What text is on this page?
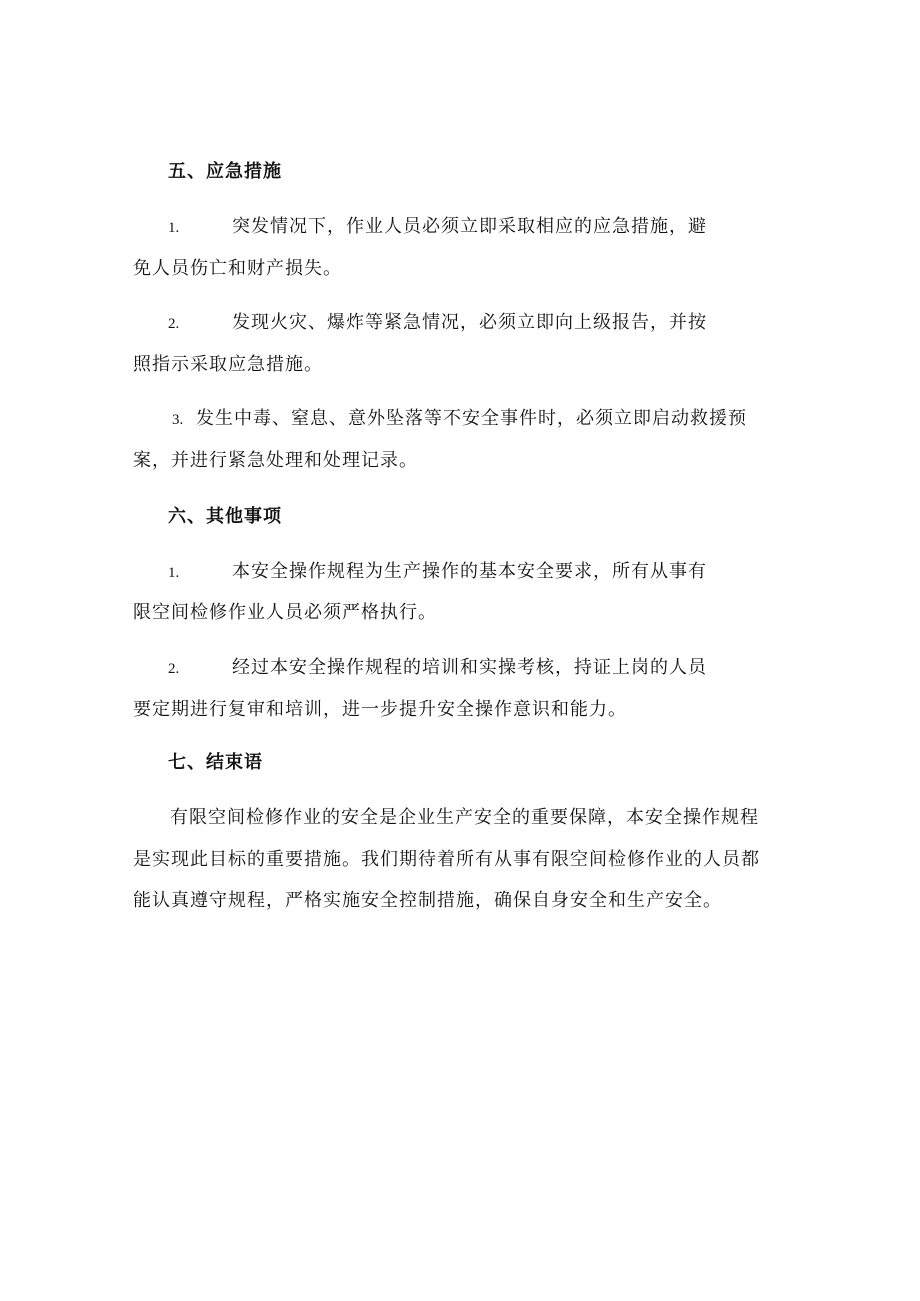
五、应急措施
1.	突发情况下，作业人员必须立即采取相应的应急措施，避
免人员伤亡和财产损失。
2.	发现火灾、爆炸等紧急情况，必须立即向上级报告，并按
照指示采取应急措施。
3. 发生中毒、窒息、意外坠落等不安全事件时，必须立即启动救援预
案，并进行紧急处理和处理记录。
六、其他事项
1.	本安全操作规程为生产操作的基本安全要求，所有从事有
限空间检修作业人员必须严格执行。
2.	经过本安全操作规程的培训和实操考核，持证上岗的人员
要定期进行复审和培训，进一步提升安全操作意识和能力。
七、结束语
有限空间检修作业的安全是企业生产安全的重要保障，本安全操作规程
是实现此目标的重要措施。我们期待着所有从事有限空间检修作业的人员都
能认真遵守规程，严格实施安全控制措施，确保自身安全和生产安全。
